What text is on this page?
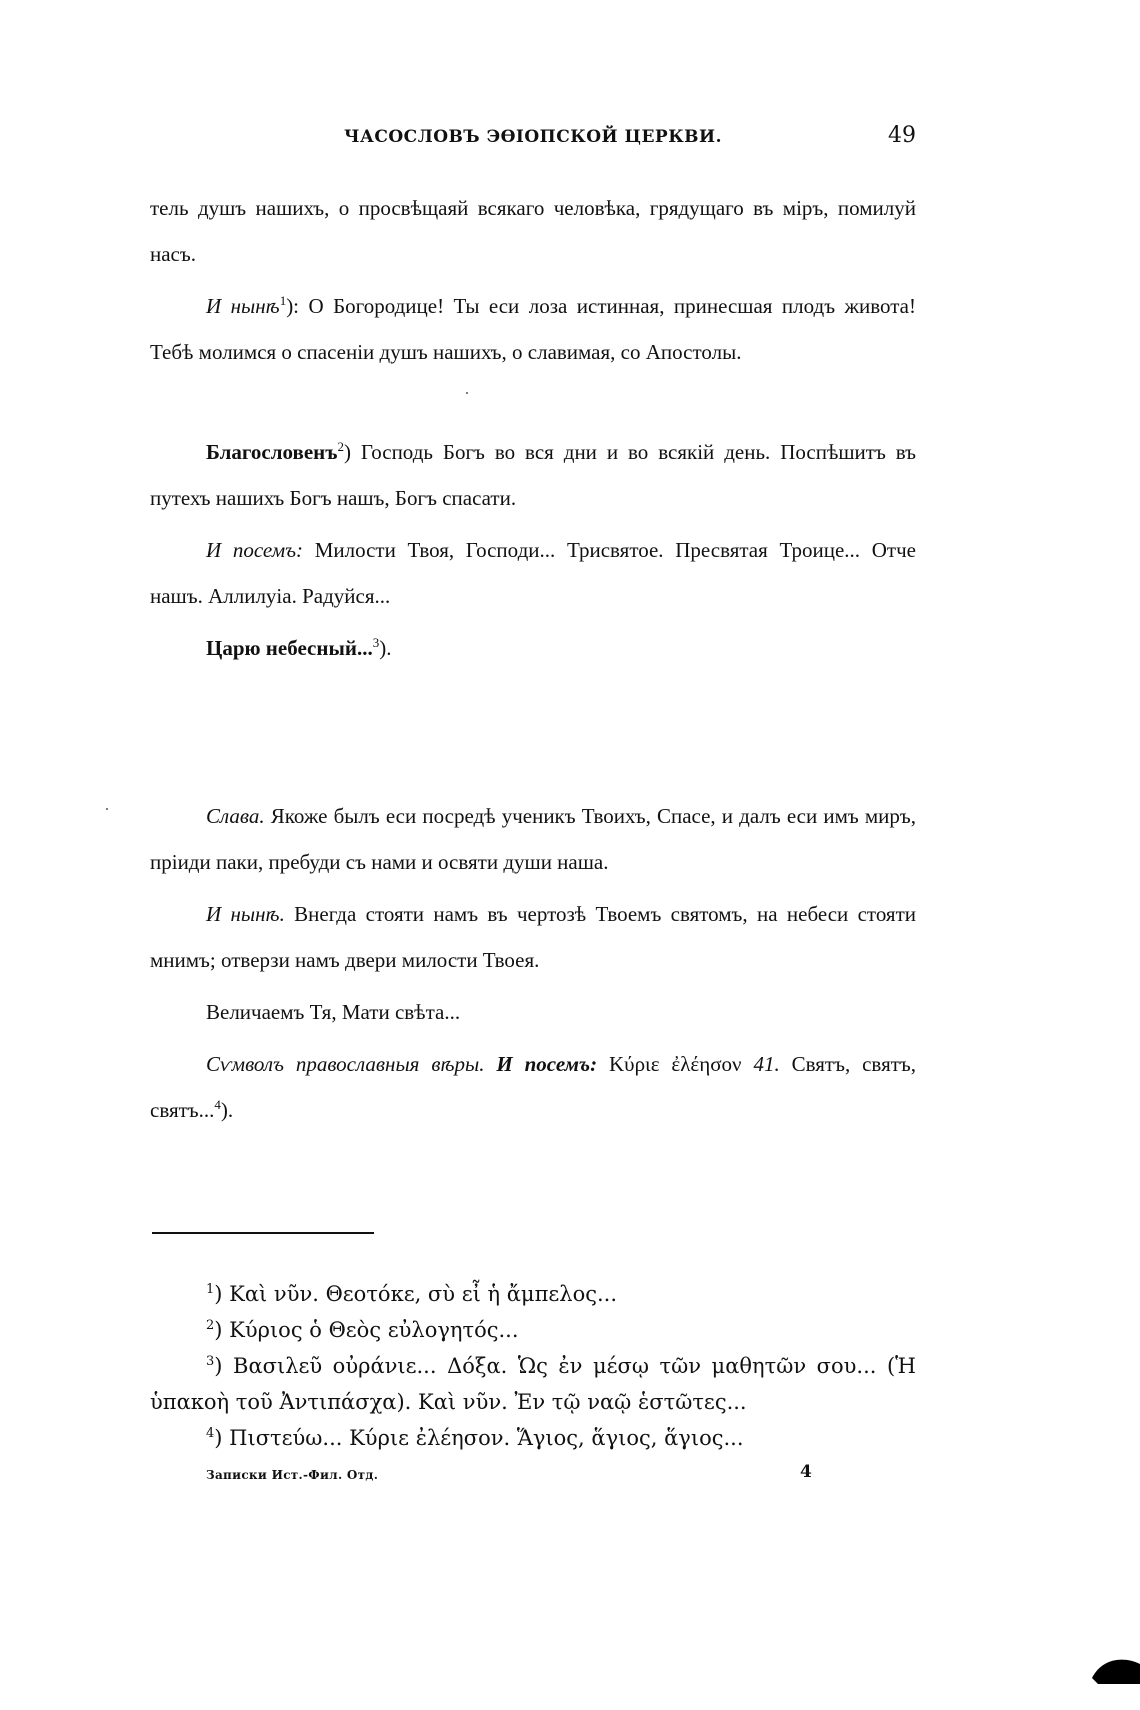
ЧАСОСЛОВЪ ЭѲІОПСКОЙ ЦЕРКВИ.	49

тель душъ нашихъ, о просвѣщаяй всякаго человѣка, грядущаго въ міръ, помилуй насъ.

И нынѣ$^1$): О Богородице! Ты еси лоза истинная, принесшая плодъ живота! Тебѣ молимся о спасеніи душъ нашихъ, о славимая, со Апостолы.

Благословенъ$^2$) Господь Богъ во вся дни и во всякій день. Поспѣшитъ въ путехъ нашихъ Богъ нашъ, Богъ спасати.

И посемъ: Милости Твоя, Господи... Трисвятое. Пресвятая Троице... Отче нашъ. Аллилуіа. Радуйся...

Царю небесный...$^3$).

Слава. Якоже былъ еси посредѣ ученикъ Твоихъ, Спасе, и далъ еси имъ миръ, пріиди паки, пребуди съ нами и освяти души наша.

И нынѣ. Внегда стояти намъ въ чертозѣ Твоемъ святомъ, на небеси стояти мнимъ; отверзи намъ двери милости Твоея.

Величаемъ Тя, Мати свѣта...

Сѵмволъ православныя вѣры. И посемъ: Κύριε ἐλέησον 41. Святъ, святъ, святъ...$^4$).

$^1$) Καὶ νῦν. Θεοτόκε, σὺ εἶ ἡ ἄμπελος...

$^2$) Κύριος ὁ Θεὸς εὐλογητός...

$^3$) Βασιλεῦ οὐράνιε... Δόξα. Ὡς ἐν μέσῳ τῶν μαθητῶν σου... (Ἡ ὑπακοὴ τοῦ Ἀντιπάσχα). Καὶ νῦν. Ἐν τῷ ναῷ ἑστῶτες...

$^4$) Πιστεύω... Κύριε ἐλέησον. Ἅγιος, ἅγιος, ἅγιος...

Записки Ист.-Фил. Отд.	4
